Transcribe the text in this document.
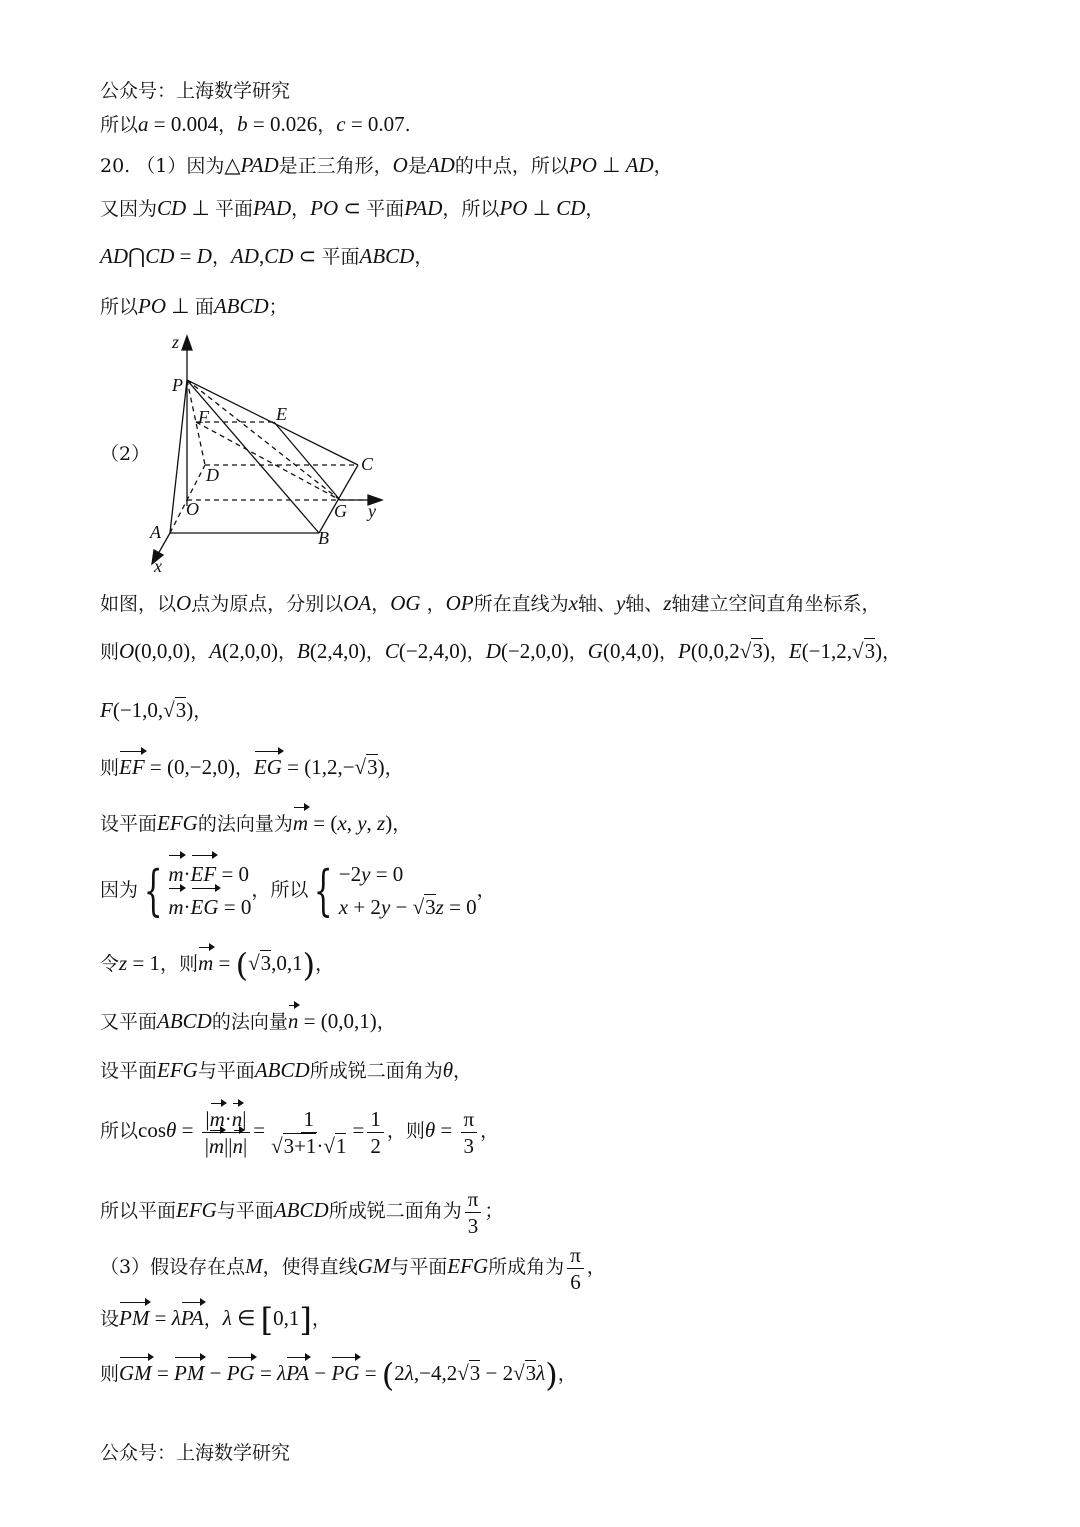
公众号：上海数学研究
所以a = 0.004，b = 0.026，c = 0.07.
20. （1）因为△PAD是正三角形，O是AD的中点，所以PO ⊥ AD，
又因为CD ⊥ 平面PAD，PO ⊂ 平面PAD，所以PO ⊥ CD，
AD⋂CD = D，AD,CD ⊂ 平面ABCD，
所以PO ⊥ 面ABCD；
（2）
z
P
E
F
C
D
O	G y
A	B
x
如图，以O点为原点，分别以OA，OG ，OP所在直线为x轴、y轴、z轴建立空间直角坐标系，
则O(0,0,0)，A(2,0,0)，B(2,4,0)，C(−2,4,0)，D(−2,0,0)，G(0,4,0)，P(0,0,2√3)，E(−1,2,√3)，
F(−1,0,√3)，
则EF = (0,−2,0)，EG = (1,2,−√3)，
设平面EFG的法向量为m = (x, y, z)，
因为 { m·EF = 0
m·EG = 0
，所以 { −2y = 0
x + 2y − √3z = 0
，
令z = 1，则m = (√3,0,1)，
又平面ABCD的法向量n = (0,0,1)，
设平面EFG与平面ABCD所成锐二面角为θ，
所以$\cos\theta = \frac{|m\cdot n|}{|m||n|} = \frac{1}{√3+1\cdot√1} = \frac{1}{2}$ ，则$\theta = \frac{\pi}{3}$ ，
所以平面EFG与平面ABCD所成锐二面角为 $\frac{\pi}{3}$ ；
（3）假设存在点M，使得直线GM与平面EFG所成角为 $\frac{\pi}{6}$ ，
设PM = λPA，λ ∈ [0,1]，
则GM = PM − PG = λPA − PG = (2λ,−4,2√3 − 2√3λ)，
公众号：上海数学研究
